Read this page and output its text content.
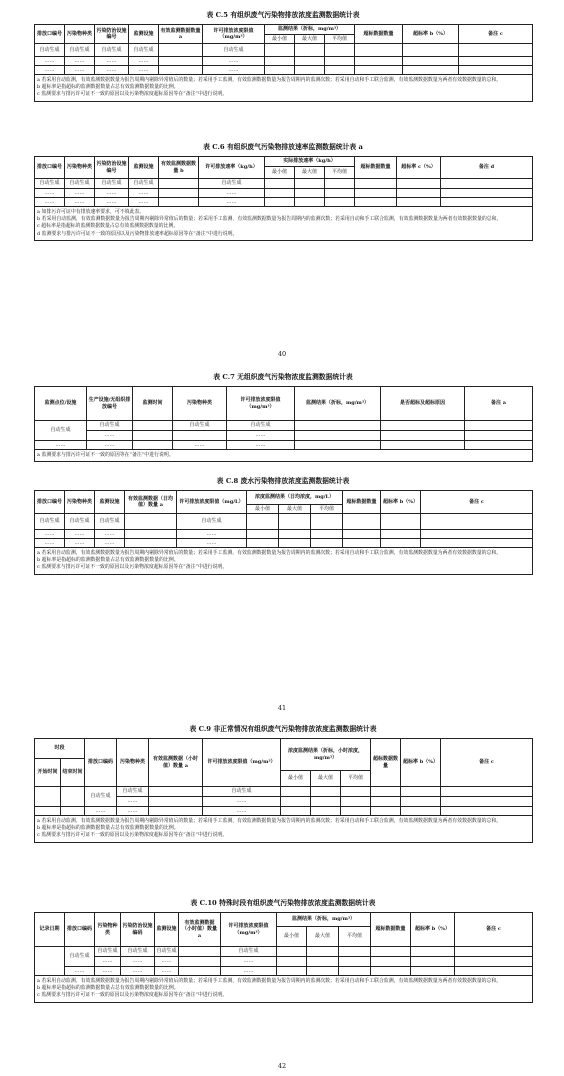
表 C.5 有组织废气污染物排放浓度监测数据统计表
排放口编号	污染物种类	污染防治设施编号	监测设施	有效监测数据数量 a	许可排放浓度限值（mg/m³）	监测结果（折标，mg/m³）			超标数据数量	超标率 b（%）	备注 c
						最小值	最大值	平均值			
自动生成	自动生成	自动生成	自动生成		自动生成						
……	……	……	……		……						
……	……	……	……		……						

a 若采用自动监测，有效监测数据数量为报告周期内剔除异常值后的数量；若采用手工监测，有效监测数据数量为报告周期内的监测次数；若采用自动和手工联合监测，有效监测数据数量为两者有效数据数量的总和。
b 超标率是指超标的监测数据数量占总有效监测数据数量的比例。
c 监测要求与排污许可证不一致的原因以及污染物浓度超标原因等在“备注”中进行说明。											
表 C.6 有组织废气污染物排放速率监测数据统计表 a
排放口编号	污染物种类	污染防治设施编号	监测设施	有效监测数据数量 b	许可排放速率（kg/h）	实际排放速率（kg/h）			超标数据数量	超标率 c（%）	备注 d
						最小值	最大值	平均值			
自动生成	自动生成	自动生成	自动生成		自动生成						
……	……	……	……		……						
……	……	……	……		……						

a 如排污许可证中有排放速率要求，可不填此表。
b 若采用自动监测，有效监测数据数量为报告周期内剔除异常值后的数量；若采用手工监测，有效监测数据数量为报告周期内的监测次数；若采用自动和手工联合监测，有效监测数据数量为两者有效数据数量的总和。
c 超标率是指超标的监测数据数量占总有效监测数据数量的比例。
d 监测要求与排污许可证不一致的原因以及污染物排放速率超标原因等在“备注”中进行说明。											
40
表 C.7 无组织废气污染物浓度监测数据统计表
监测点位/设施	生产设施/无组织排放编号	监测时间	污染物种类	许可排放浓度限值（mg/m³）	监测结果（折标，mg/m³）	是否超标及超标原因	备注 a
自动生成	自动生成		自动生成	自动生成			
	……			……			
……	……		……	……			

a 监测要求与排污许可证不一致的原因等在“备注”中进行说明。							
表 C.8 废水污染物排放浓度监测数据统计表
排放口编号	污染物种类	监测设施	有效监测数据（日均值）数量 a	许可排放浓度限值（mg/L）	浓度监测结果（日均浓度，mg/L）			超标数据数量	超标率 b（%）	备注 c
					最小值	最大值	平均值			
自动生成	自动生成	自动生成		自动生成						
……	……	……		……						
……	……	……		……						

a 若采用自动监测，有效监测数据数量为报告周期内剔除异常值后的数量；若采用手工监测，有效监测数据数量为报告周期内的监测次数；若采用自动和手工联合监测，有效监测数据数量为两者有效数据数量的总和。
b 超标率是指超标的监测数据数量占总有效监测数据数量的比例。
c 监测要求与排污许可证不一致的原因以及污染物浓度超标原因等在“备注”中进行说明。										
41
表 C.9 非正常情况有组织废气污染物排放浓度监测数据统计表
时段		排放口编码	污染物种类	有效监测数据（小时值）数量 a	许可排放浓度限值（mg/m³）	浓度监测结果（折标，小时浓度，mg/m³）			超标数据数量	超标率 b（%）	备注 c
开始时间	结束时间										
						最小值	最大值	平均值			
		自动生成	自动生成		自动生成						
			……		……						
		……	……		……						

a 若采用自动监测，有效监测数据数量为报告周期内剔除异常值后的数量；若采用手工监测，有效监测数据数量为报告周期内的监测次数；若采用自动和手工联合监测，有效监测数据数量为两者有效数据数量的总和。
b 超标率是指超标的监测数据数量占总有效监测数据数量的比例。
c 监测要求与排污许可证不一致的原因以及污染物浓度超标原因等在“备注”中进行说明。											
表 C.10 特殊时段有组织废气污染物排放浓度监测数据统计表
记录日期	排放口编码	污染物种类	污染防治设施编码	监测设施	有效监测数据（小时值）数量 a	许可排放浓度限值（mg/m³）	监测结果（折标，mg/m³）			超标数据数量	超标率 b（%）	备注 c
							最小值	最大值	平均值			
	自动生成	自动生成	自动生成	自动生成		自动生成						
		……	……	……		……						
	……	……	……	……		……						

a 若采用自动监测，有效监测数据数量为报告周期内剔除异常值后的数量；若采用手工监测，有效监测数据数量为报告周期内的监测次数；若采用自动和手工联合监测，有效监测数据数量为两者有效数据数量的总和。
b 超标率是指超标的监测数据数量占总有效监测数据数量的比例。
c 监测要求与排污许可证不一致的原因以及污染物浓度超标原因等在“备注”中进行说明。												
42
